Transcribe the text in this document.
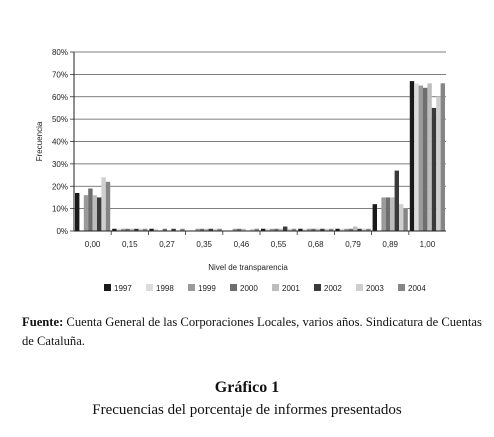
0%
10%
20%
30%
40%
50%
60%
70%
80%
0,00	0,15	0,27	0,35	0,46	0,55	0,68	0,79	0,89	1,00
Frecuencia
Nivel de transparencia
1997	1998	1999	2000	2001	2002	2003	2004
Fuente: Cuenta General de las Corporaciones Locales, varios años. Sindicatura de Cuentas de Cataluña.
Gráfico 1
Frecuencias del porcentaje de informes presentados
